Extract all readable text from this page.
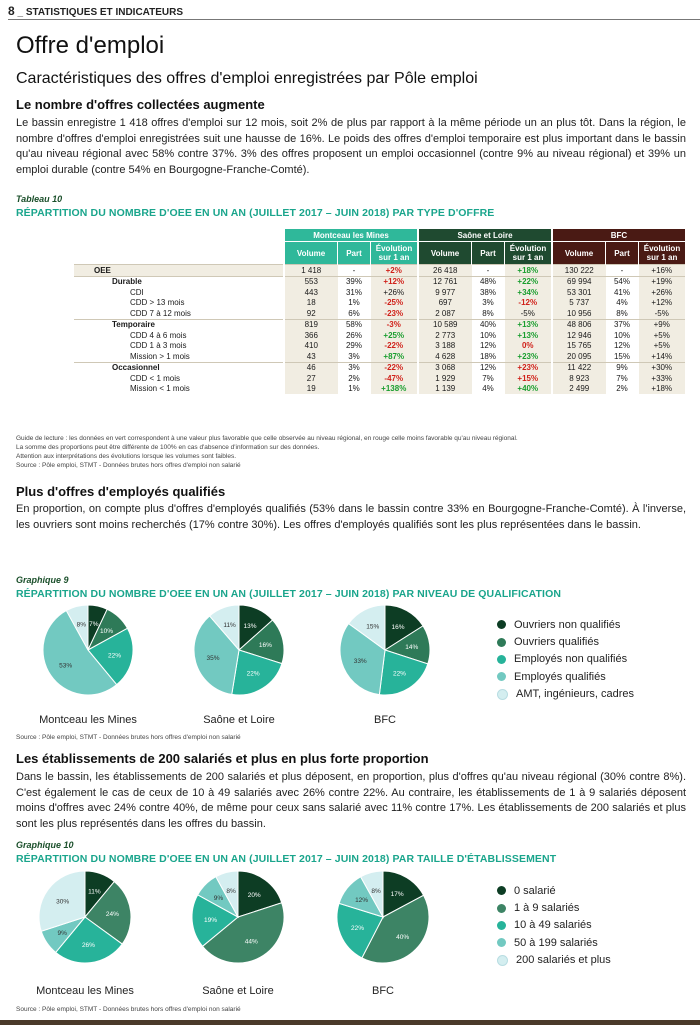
8 _ STATISTIQUES ET INDICATEURS
Offre d'emploi
Caractéristiques des offres d'emploi enregistrées par Pôle emploi
Le nombre d'offres collectées augmente
Le bassin enregistre 1 418 offres d'emploi sur 12 mois, soit 2% de plus par rapport à la même période un an plus tôt. Dans la région, le nombre d'offres d'emploi enregistrées suit une hausse de 16%. Le poids des offres d'emploi temporaire est plus important dans le bassin qu'au niveau régional avec 58% contre 37%. 3% des offres proposent un emploi occasionnel (contre 9% au niveau régional) et 39% un emploi durable (contre 54% en Bourgogne-Franche-Comté).
Tableau 10
RÉPARTITION DU NOMBRE D'OEE EN UN AN (JUILLET 2017 – JUIN 2018) PAR TYPE D'OFFRE
	Montceau les Mines			Saône et Loire			BFC		
	Volume	Part	Évolution sur 1 an	Volume	Part	Évolution sur 1 an	Volume	Part	Évolution sur 1 an
OEE	1 418	-	+2%	26 418	-	+18%	130 222	-	+16%
Durable	553	39%	+12%	12 761	48%	+22%	69 994	54%	+19%
CDI	443	31%	+26%	9 977	38%	+34%	53 301	41%	+26%
CDD > 13 mois	18	1%	-25%	697	3%	-12%	5 737	4%	+12%
CDD 7 à 12 mois	92	6%	-23%	2 087	8%	-5%	10 956	8%	-5%
Temporaire	819	58%	-3%	10 589	40%	+13%	48 806	37%	+9%
CDD 4 à 6 mois	366	26%	+25%	2 773	10%	+13%	12 946	10%	+5%
CDD 1 à 3 mois	410	29%	-22%	3 188	12%	0%	15 765	12%	+5%
Mission > 1 mois	43	3%	+87%	4 628	18%	+23%	20 095	15%	+14%
Occasionnel	46	3%	-22%	3 068	12%	+23%	11 422	9%	+30%
CDD < 1 mois	27	2%	-47%	1 929	7%	+15%	8 923	7%	+33%
Mission < 1 mois	19	1%	+138%	1 139	4%	+40%	2 499	2%	+18%
Guide de lecture : les données en vert correspondent à une valeur plus favorable que celle observée au niveau régional, en rouge celle moins favorable qu'au niveau régional.
La somme des proportions peut être différente de 100% en cas d'absence d'information sur des données.
Attention aux interprétations des évolutions lorsque les volumes sont faibles.
Source : Pôle emploi, STMT - Données brutes hors offres d'emploi non salarié
Plus d'offres d'employés qualifiés
En proportion, on compte plus d'offres d'employés qualifiés (53% dans le bassin contre 33% en Bourgogne-Franche-Comté). À l'inverse, les ouvriers sont moins recherchés (17% contre 30%). Les offres d'employés qualifiés sont les plus représentées dans le bassin.
Graphique 9
RÉPARTITION DU NOMBRE D'OEE EN UN AN (JUILLET 2017 – JUIN 2018) PAR NIVEAU DE QUALIFICATION
7%
10%
22%
53%
8%	13%
16%
22%
35%
11%	16%
14%
22%
33%
15%
Montceau les Mines	Saône et Loire	BFC
Ouvriers non qualifiés
Ouvriers qualifiés
Employés non qualifiés
Employés qualifiés
AMT, ingénieurs, cadres
Source : Pôle emploi, STMT - Données brutes hors offres d'emploi non salarié
Les établissements de 200 salariés et plus en plus forte proportion
Dans le bassin, les établissements de 200 salariés et plus déposent, en proportion, plus d'offres qu'au niveau régional (30% contre 8%). C'est également le cas de ceux de 10 à 49 salariés avec 26% contre 22%. Au contraire, les établissements de 1 à 9 salariés déposent moins d'offres avec 24% contre 40%, de même pour ceux sans salarié avec 11% contre 17%. Les établissements de 200 salariés et plus sont les plus représentés dans les offres du bassin.
Graphique 10
RÉPARTITION DU NOMBRE D'OEE EN UN AN (JUILLET 2017 – JUIN 2018) PAR TAILLE D'ÉTABLISSEMENT
11%
24%
26%
9%
30%
20%
44%
19%
9%
8%	17%
40%
22%
12%
8%
Montceau les Mines	Saône et Loire	BFC
0 salarié
1 à 9 salariés
10 à 49 salariés
50 à 199 salariés
200 salariés et plus
Source : Pôle emploi, STMT - Données brutes hors offres d'emploi non salarié
